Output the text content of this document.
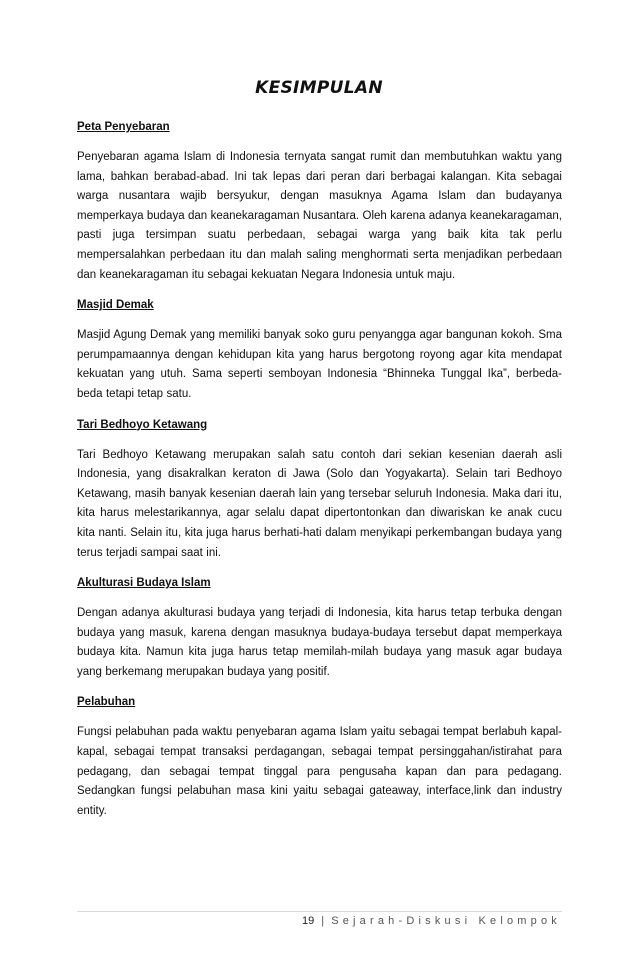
KESIMPULAN
Peta Penyebaran
Penyebaran agama Islam di Indonesia ternyata sangat rumit dan membutuhkan waktu yang lama, bahkan berabad-abad. Ini tak lepas dari peran dari berbagai kalangan. Kita sebagai warga nusantara wajib bersyukur, dengan masuknya Agama Islam dan budayanya memperkaya budaya dan keanekaragaman Nusantara. Oleh karena adanya keanekaragaman, pasti juga tersimpan suatu perbedaan, sebagai warga yang baik kita tak perlu mempersalahkan perbedaan itu dan malah saling menghormati serta menjadikan perbedaan dan keanekaragaman itu sebagai kekuatan Negara Indonesia untuk maju.
Masjid Demak
Masjid Agung Demak yang memiliki banyak soko guru penyangga agar bangunan kokoh. Sma perumpamaannya dengan kehidupan kita yang harus bergotong royong agar kita mendapat kekuatan yang utuh. Sama seperti semboyan Indonesia “Bhinneka Tunggal Ika”, berbeda-beda tetapi tetap satu.
Tari Bedhoyo Ketawang
Tari Bedhoyo Ketawang merupakan salah satu contoh dari sekian kesenian daerah asli Indonesia, yang disakralkan keraton di Jawa (Solo dan Yogyakarta). Selain tari Bedhoyo Ketawang, masih banyak kesenian daerah lain yang tersebar seluruh Indonesia. Maka dari itu, kita harus melestarikannya, agar selalu dapat dipertontonkan dan diwariskan ke anak cucu kita nanti. Selain itu, kita juga harus berhati-hati dalam menyikapi perkembangan budaya yang terus terjadi sampai saat ini.
Akulturasi Budaya Islam
Dengan adanya akulturasi budaya yang terjadi di Indonesia, kita harus tetap terbuka dengan budaya yang masuk, karena dengan masuknya budaya-budaya tersebut dapat memperkaya budaya kita. Namun kita juga harus tetap memilah-milah budaya yang masuk agar budaya yang berkemang merupakan budaya yang positif.
Pelabuhan
Fungsi pelabuhan pada waktu penyebaran agama Islam yaitu sebagai tempat berlabuh kapal-kapal, sebagai tempat transaksi perdagangan, sebagai tempat persinggahan/istirahat para pedagang, dan sebagai tempat tinggal para pengusaha kapan dan para pedagang. Sedangkan fungsi pelabuhan masa kini yaitu sebagai gateaway, interface,link dan industry entity.
19 | Sejarah-Diskusi Kelompok
